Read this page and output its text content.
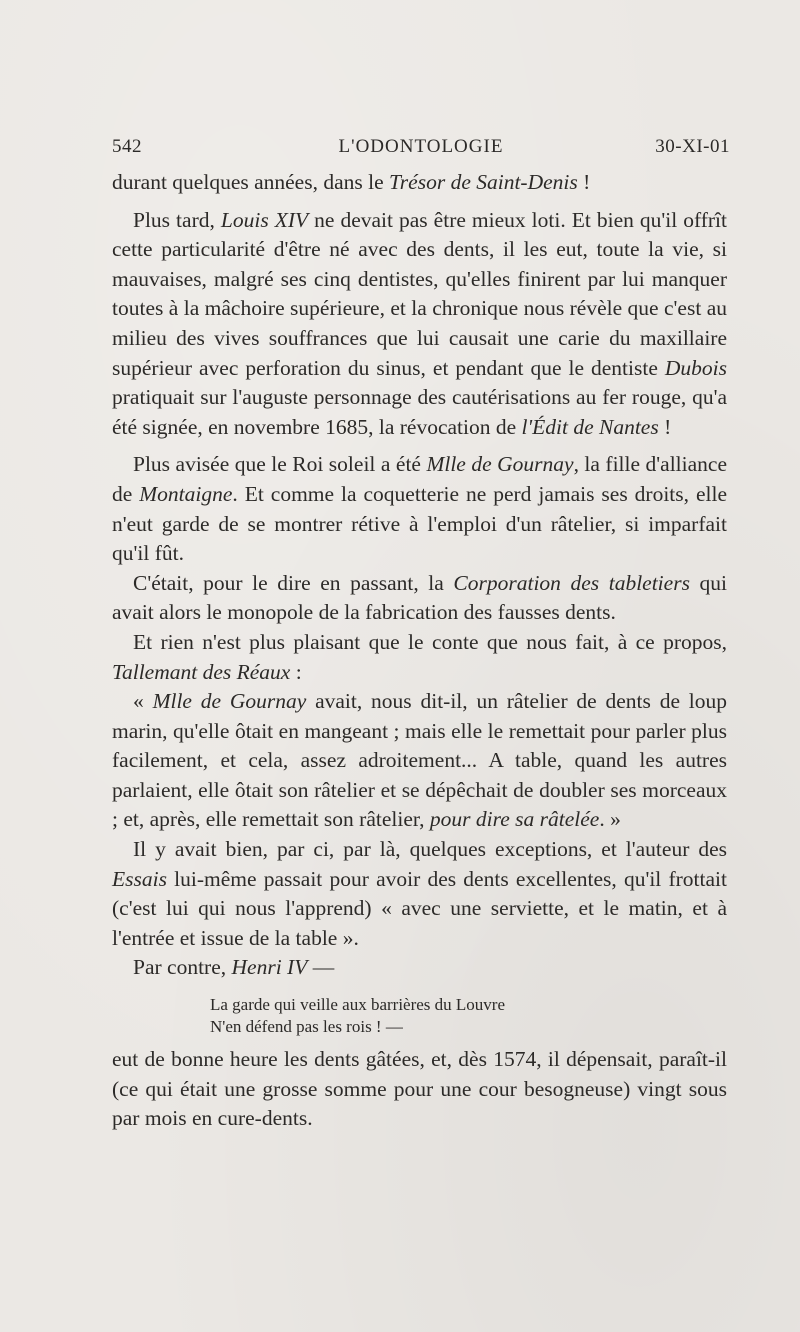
542	L'ODONTOLOGIE	30-XI-01

durant quelques années, dans le Trésor de Saint-Denis !

Plus tard, Louis XIV ne devait pas être mieux loti. Et bien qu'il offrît cette particularité d'être né avec des dents, il les eut, toute la vie, si mauvaises, malgré ses cinq dentistes, qu'elles finirent par lui manquer toutes à la mâchoire supérieure, et la chronique nous révèle que c'est au milieu des vives souffrances que lui causait une carie du maxillaire supérieur avec perforation du sinus, et pendant que le dentiste Dubois pratiquait sur l'auguste personnage des cautérisations au fer rouge, qu'a été signée, en novembre 1685, la révocation de l'Édit de Nantes !

Plus avisée que le Roi soleil a été Mlle de Gournay, la fille d'alliance de Montaigne. Et comme la coquetterie ne perd jamais ses droits, elle n'eut garde de se montrer rétive à l'emploi d'un râtelier, si imparfait qu'il fût.

C'était, pour le dire en passant, la Corporation des tabletiers qui avait alors le monopole de la fabrication des fausses dents.

Et rien n'est plus plaisant que le conte que nous fait, à ce propos, Tallemant des Réaux :

« Mlle de Gournay avait, nous dit-il, un râtelier de dents de loup marin, qu'elle ôtait en mangeant ; mais elle le remettait pour parler plus facilement, et cela, assez adroitement... A table, quand les autres parlaient, elle ôtait son râtelier et se dépêchait de doubler ses morceaux ; et, après, elle remettait son râtelier, pour dire sa râtelée. »

Il y avait bien, par ci, par là, quelques exceptions, et l'auteur des Essais lui-même passait pour avoir des dents excellentes, qu'il frottait (c'est lui qui nous l'apprend) « avec une serviette, et le matin, et à l'entrée et issue de la table ».

Par contre, Henri IV —

La garde qui veille aux barrières du Louvre
N'en défend pas les rois ! —

eut de bonne heure les dents gâtées, et, dès 1574, il dépensait, paraît-il (ce qui était une grosse somme pour une cour besogneuse) vingt sous par mois en cure-dents.
